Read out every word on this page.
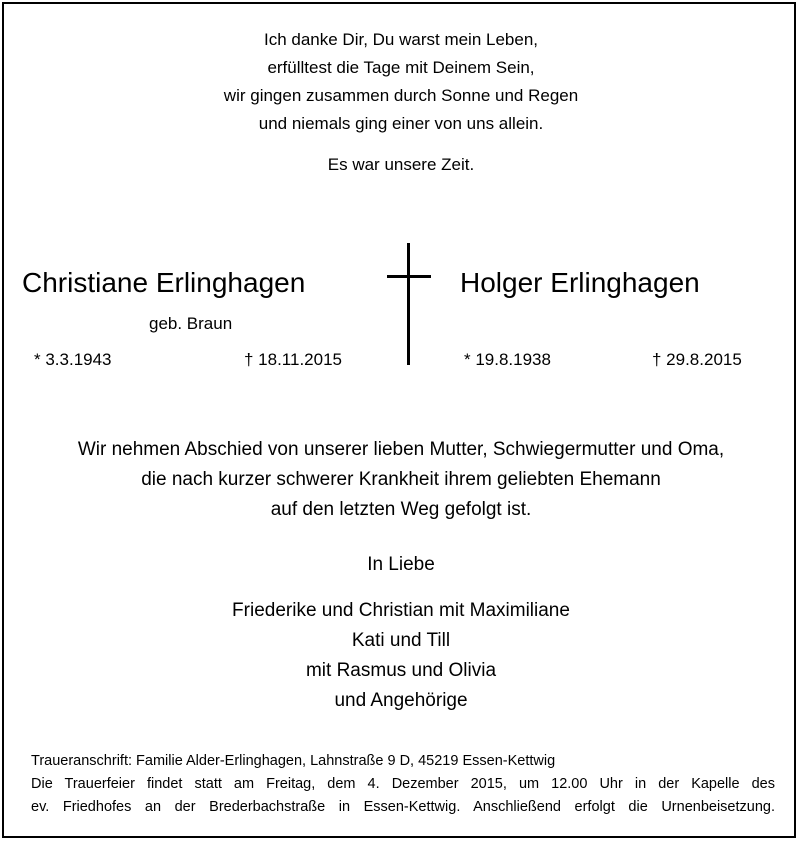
Ich danke Dir, Du warst mein Leben,
erfülltest die Tage mit Deinem Sein,
wir gingen zusammen durch Sonne und Regen
und niemals ging einer von uns allein.
Es war unsere Zeit.
Christiane Erlinghagen
geb. Braun
* 3.3.1943	† 18.11.2015
Holger Erlinghagen
* 19.8.1938	† 29.8.2015
Wir nehmen Abschied von unserer lieben Mutter, Schwiegermutter und Oma,
die nach kurzer schwerer Krankheit ihrem geliebten Ehemann
auf den letzten Weg gefolgt ist.
In Liebe
Friederike und Christian mit Maximiliane
Kati und Till
mit Rasmus und Olivia
und Angehörige
Traueranschrift: Familie Alder-Erlinghagen, Lahnstraße 9 D, 45219 Essen-Kettwig
Die Trauerfeier findet statt am Freitag, dem 4. Dezember 2015, um 12.00 Uhr in der Kapelle des
ev. Friedhofes an der Brederbachstraße in Essen-Kettwig. Anschließend erfolgt die Urnenbeisetzung.
